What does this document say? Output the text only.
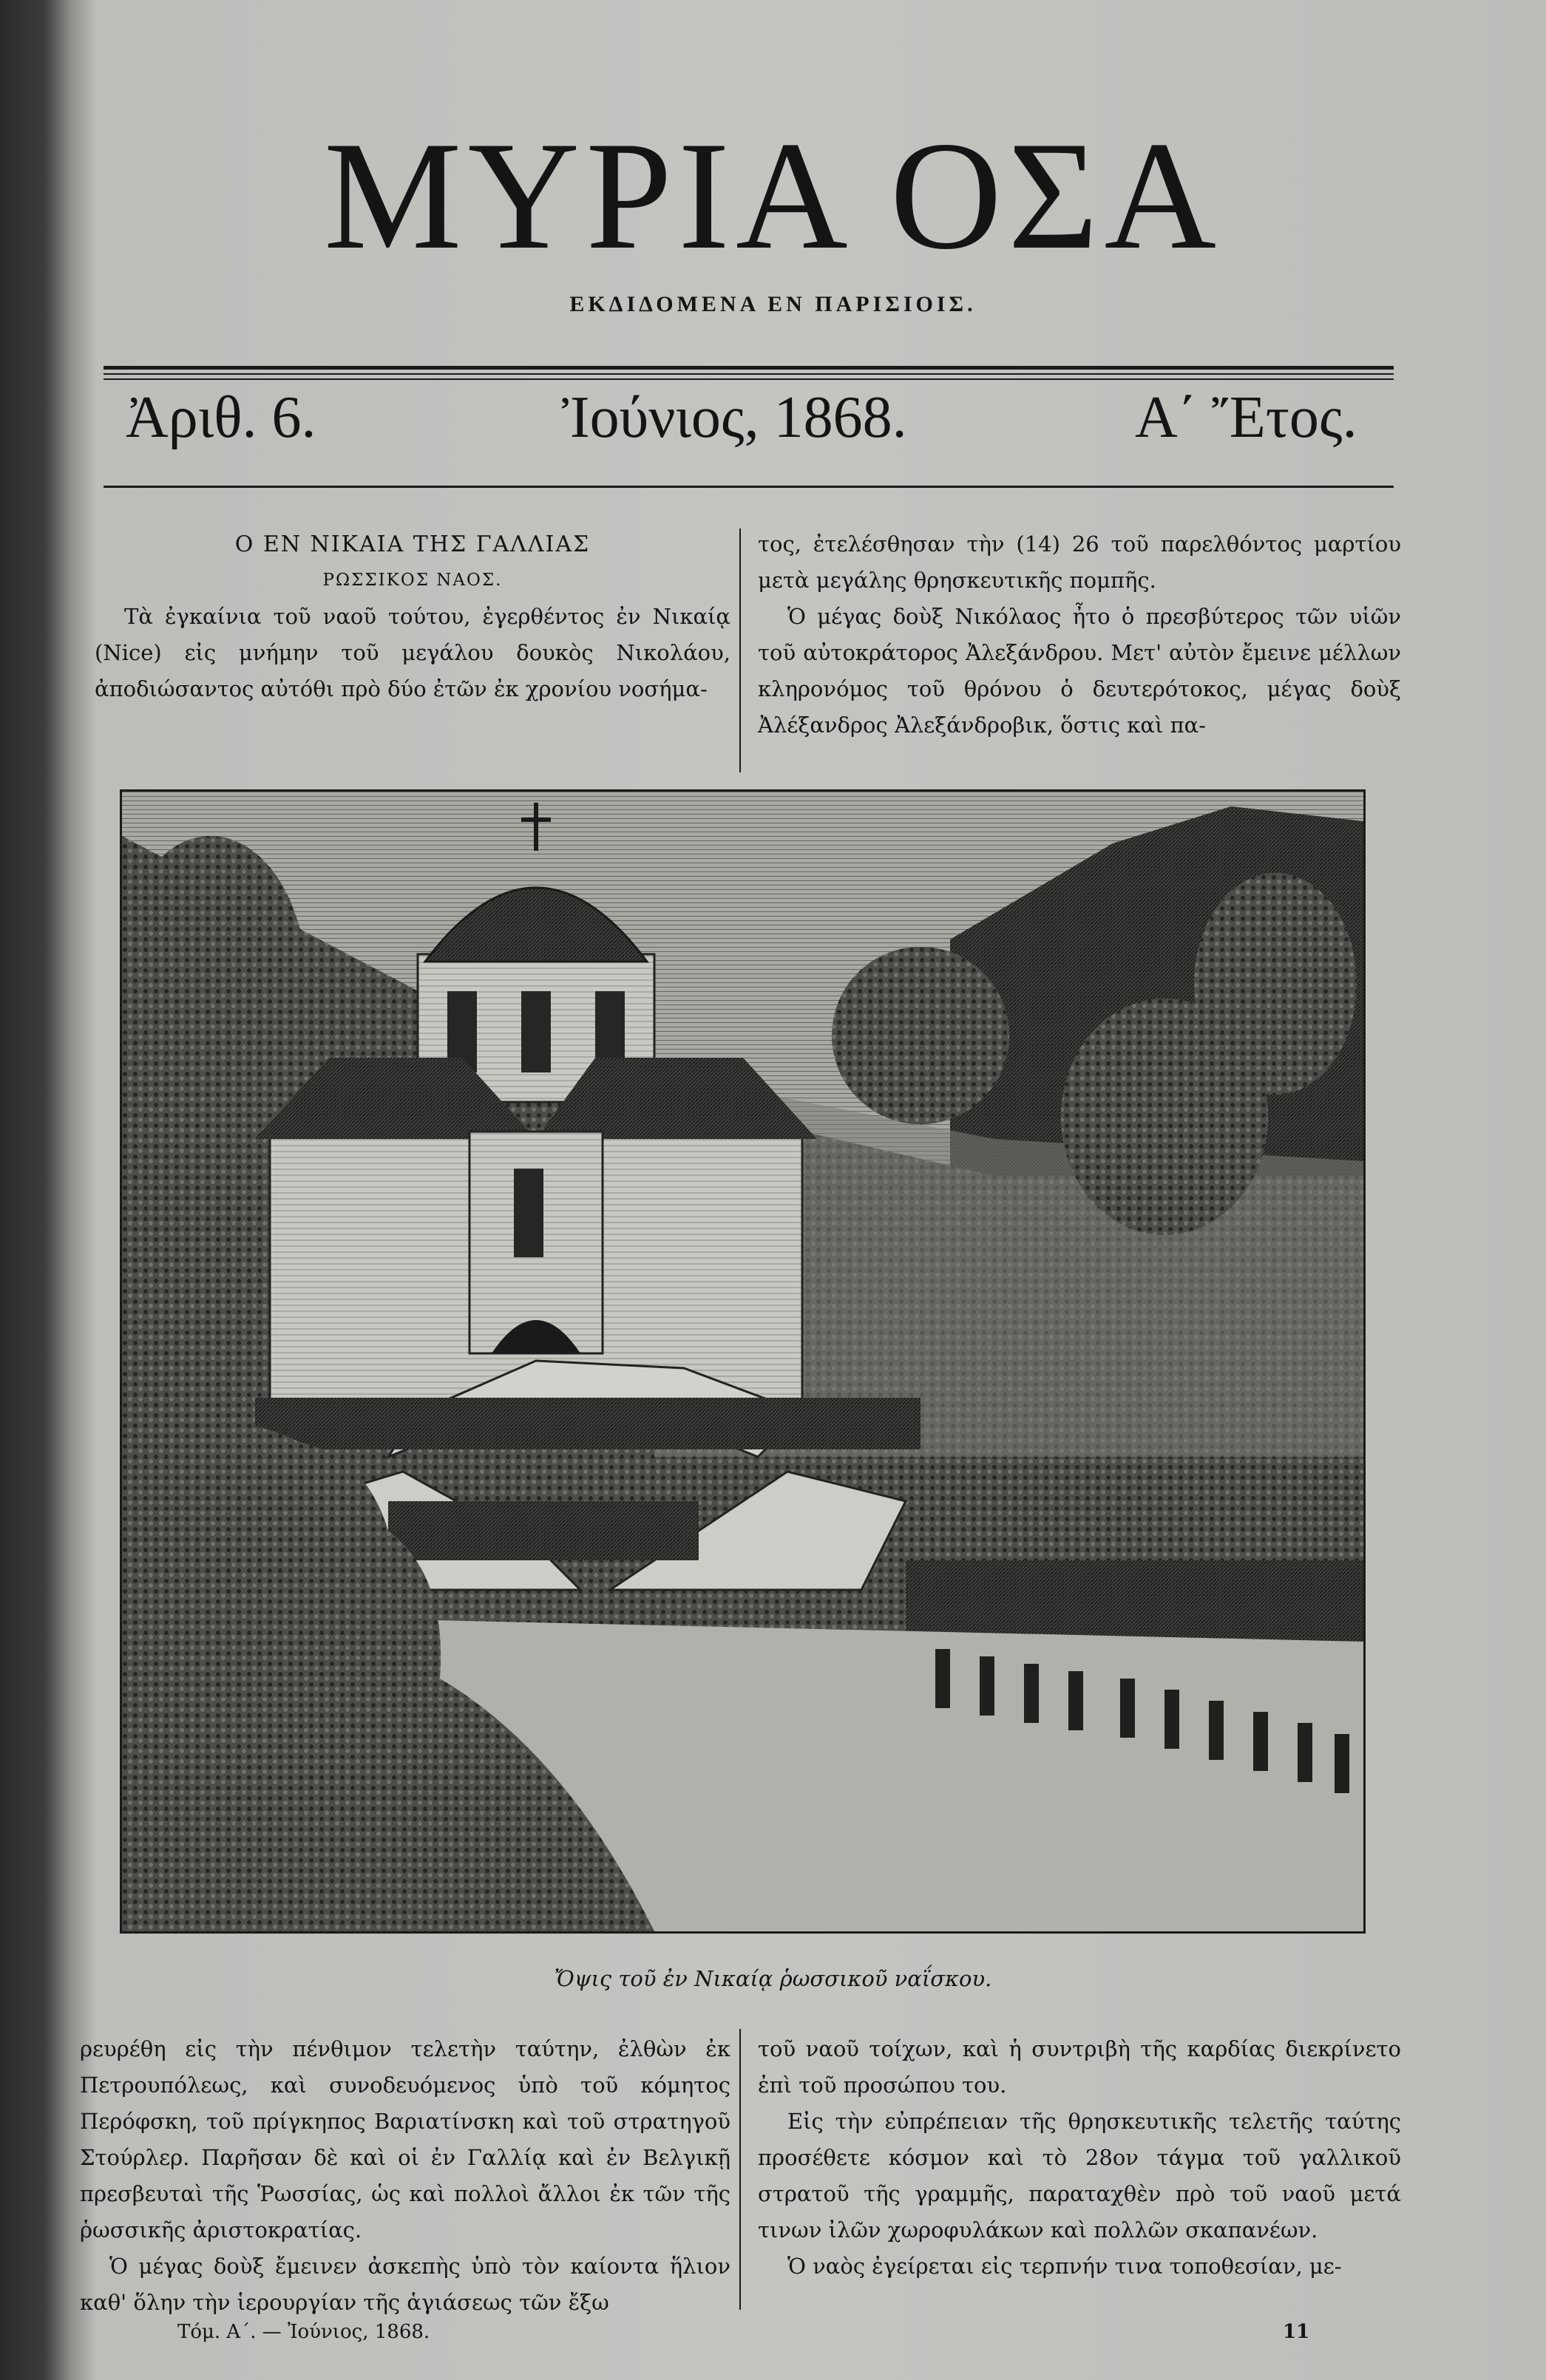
ΜΥΡΙΑ ΟΣΑ
ΕΚΔΙΔΟΜΕΝΑ ΕΝ ΠΑΡΙΣΙΟΙΣ.
Ἀριθ. 6.	Ἰούνιος, 1868.	Α΄ Ἔτος.

Ο ΕΝ ΝΙΚΑΙΑ ΤΗΣ ΓΑΛΛΙΑΣ

ΡΩΣΣΙΚΟΣ ΝΑΟΣ.

Τὰ ἐγκαίνια τοῦ ναοῦ τούτου, ἐγερθέντος ἐν Νικαίᾳ (Nice) εἰς μνήμην τοῦ μεγάλου δουκὸς Νικολάου, ἀποδιώσαντος αὐτόθι πρὸ δύο ἐτῶν ἐκ χρονίου νοσήμα-

τος, ἐτελέσθησαν τὴν (14) 26 τοῦ παρελθόντος μαρτίου μετὰ μεγάλης θρησκευτικῆς πομπῆς.

Ὁ μέγας δοὺξ Νικόλαος ἦτο ὁ πρεσβύτερος τῶν υἱῶν τοῦ αὐτοκράτορος Ἀλεξάνδρου. Μετ' αὐτὸν ἔμεινε μέλλων κληρονόμος τοῦ θρόνου ὁ δευτερότοκος, μέγας δοὺξ Ἀλέξανδρος Ἀλεξάνδροβικ, ὅστις καὶ πα-

Ὄψις τοῦ ἐν Νικαίᾳ ῥωσσικοῦ ναΐσκου.

ρευρέθη εἰς τὴν πένθιμον τελετὴν ταύτην, ἐλθὼν ἐκ Πετρουπόλεως, καὶ συνοδευόμενος ὑπὸ τοῦ κόμητος Περόφσκη, τοῦ πρίγκηπος Βαριατίνσκη καὶ τοῦ στρατηγοῦ Στούρλερ. Παρῆσαν δὲ καὶ οἱ ἐν Γαλλίᾳ καὶ ἐν Βελγικῇ πρεσβευταὶ τῆς Ῥωσσίας, ὡς καὶ πολλοὶ ἄλλοι ἐκ τῶν τῆς ῥωσσικῆς ἀριστοκρατίας.

Ὁ μέγας δοὺξ ἔμεινεν ἀσκεπὴς ὑπὸ τὸν καίοντα ἥλιον καθ' ὅλην τὴν ἱερουργίαν τῆς ἁγιάσεως τῶν ἔξω

τοῦ ναοῦ τοίχων, καὶ ἡ συντριβὴ τῆς καρδίας διεκρίνετο ἐπὶ τοῦ προσώπου του.

Εἰς τὴν εὐπρέπειαν τῆς θρησκευτικῆς τελετῆς ταύτης προσέθετε κόσμον καὶ τὸ 28ον τάγμα τοῦ γαλλικοῦ στρατοῦ τῆς γραμμῆς, παραταχθὲν πρὸ τοῦ ναοῦ μετά τινων ἰλῶν χωροφυλάκων καὶ πολλῶν σκαπανέων.

Ὁ ναὸς ἐγείρεται εἰς τερπνήν τινα τοποθεσίαν, με-

Τόμ. Α΄. — Ἰούνιος, 1868.	11
